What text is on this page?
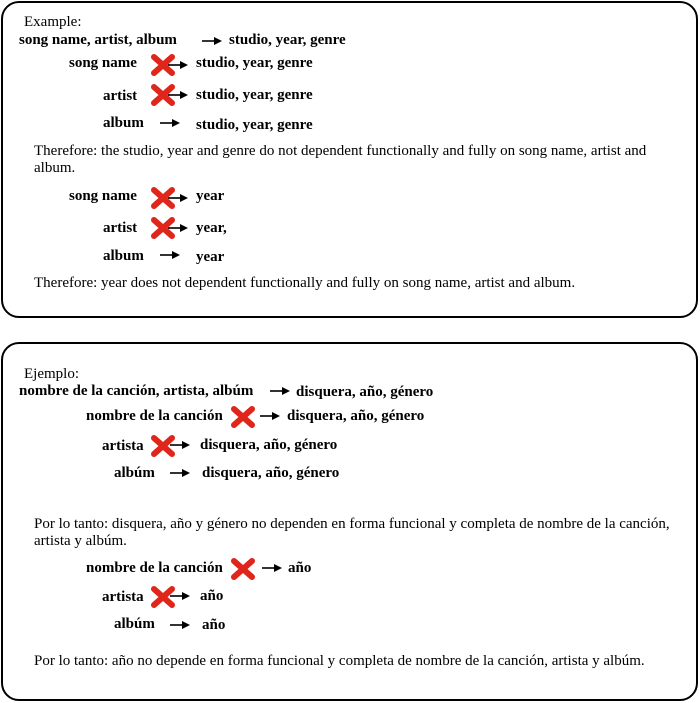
Example:
song name, artist, album	studio, year, genre
song name	studio, year, genre
artist	studio, year, genre
album	studio, year, genre
Therefore: the studio, year and genre do not dependent functionally and fully on song name, artist and album.
song name	year
artist	year,
album	year
Therefore: year does not dependent functionally and fully on song name, artist and album.
Ejemplo:
nombre de la canción, artista, albúm	disquera, año, género
nombre de la canción	disquera, año, género
artista	disquera, año, género
albúm	disquera, año, género
Por lo tanto: disquera, año y género no dependen en forma funcional y completa de nombre de la canción, artista y albúm.
nombre de la canción	año
artista	año
albúm	año
Por lo tanto: año no depende en forma funcional y completa de nombre de la canción, artista y albúm.
